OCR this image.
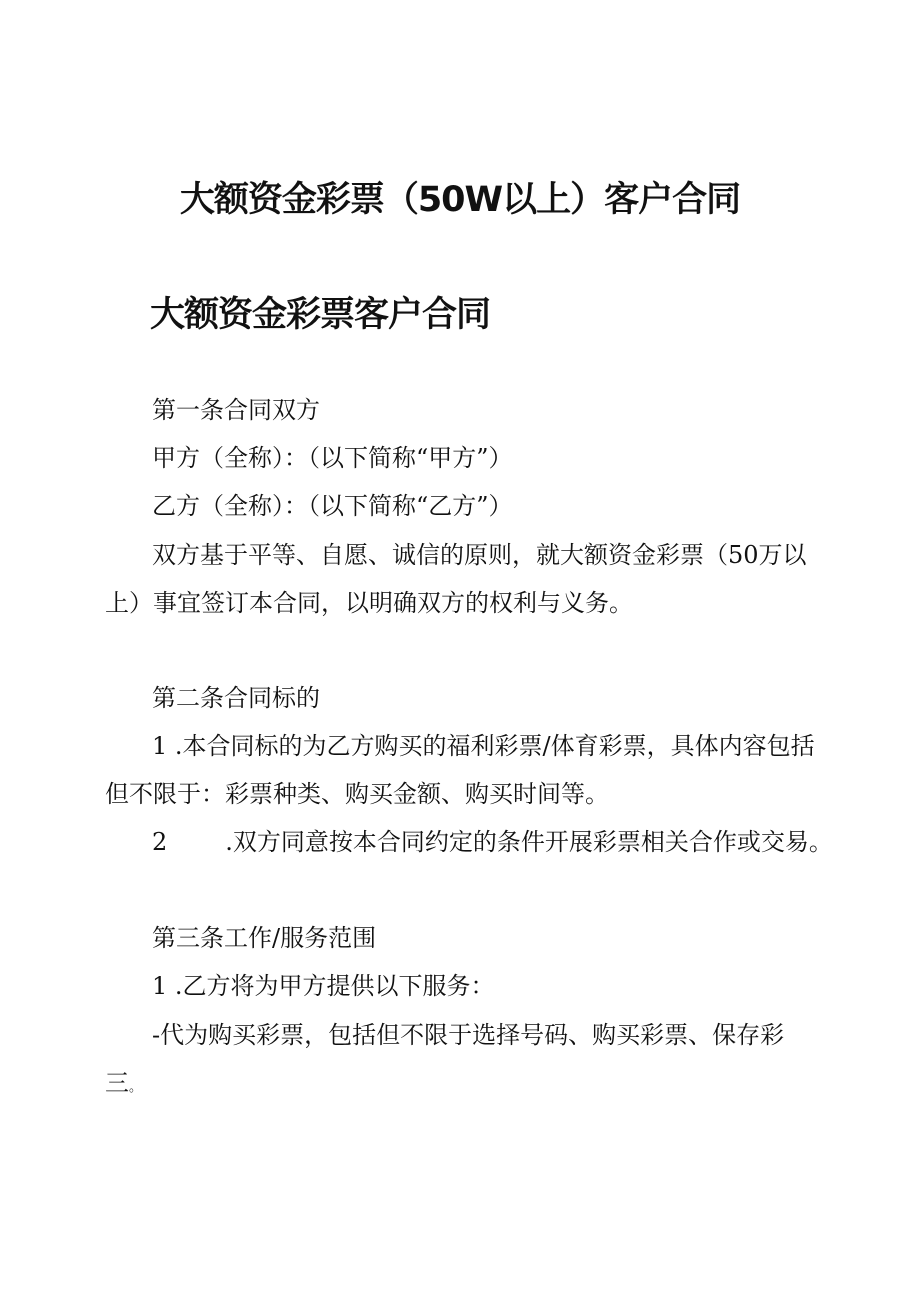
大额资金彩票（50W以上）客户合同
大额资金彩票客户合同

第一条合同双方

甲方（全称）：（以下简称“甲方”）

乙方（全称）：（以下简称“乙方”）

双方基于平等、自愿、诚信的原则，就大额资金彩票（50万以

上）事宜签订本合同，以明确双方的权利与义务。

第二条合同标的

1 .本合同标的为乙方购买的福利彩票/体育彩票，具体内容包括

但不限于：彩票种类、购买金额、购买时间等。

2 .双方同意按本合同约定的条件开展彩票相关合作或交易。

第三条工作/服务范围

1 .乙方将为甲方提供以下服务：

-代为购买彩票，包括但不限于选择号码、购买彩票、保存彩

三。
